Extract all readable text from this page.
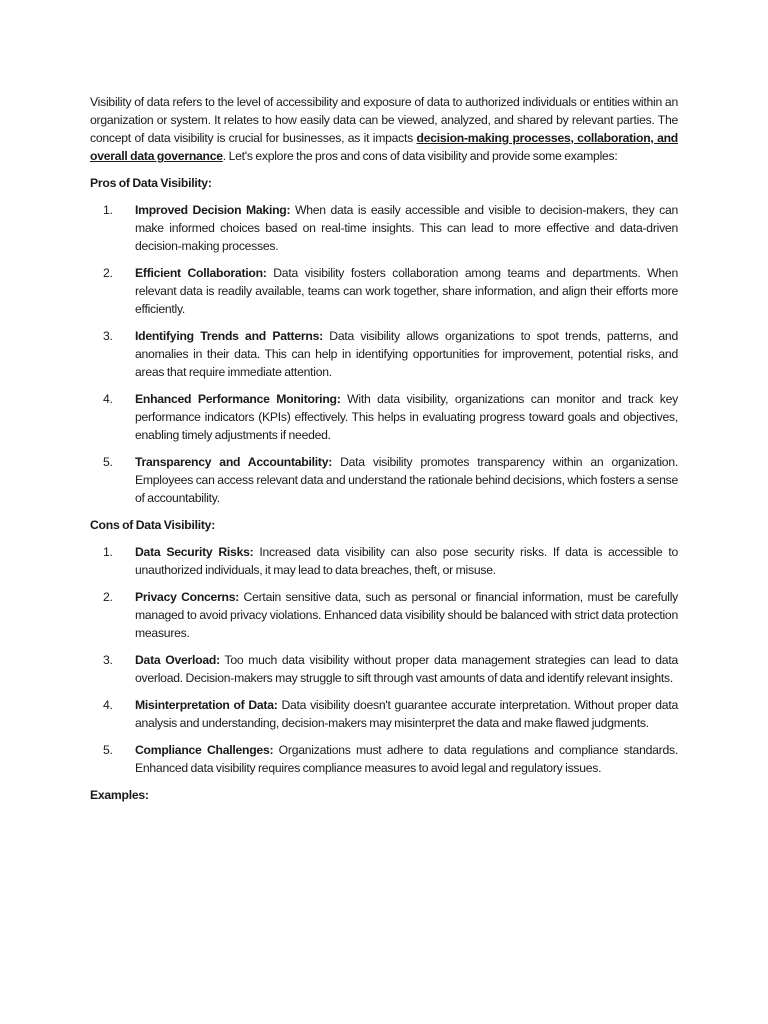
Visibility of data refers to the level of accessibility and exposure of data to authorized individuals or entities within an organization or system. It relates to how easily data can be viewed, analyzed, and shared by relevant parties. The concept of data visibility is crucial for businesses, as it impacts decision-making processes, collaboration, and overall data governance. Let's explore the pros and cons of data visibility and provide some examples:

Pros of Data Visibility:
1. Improved Decision Making: When data is easily accessible and visible to decision-makers, they can make informed choices based on real-time insights. This can lead to more effective and data-driven decision-making processes.
2. Efficient Collaboration: Data visibility fosters collaboration among teams and departments. When relevant data is readily available, teams can work together, share information, and align their efforts more efficiently.
3. Identifying Trends and Patterns: Data visibility allows organizations to spot trends, patterns, and anomalies in their data. This can help in identifying opportunities for improvement, potential risks, and areas that require immediate attention.
4. Enhanced Performance Monitoring: With data visibility, organizations can monitor and track key performance indicators (KPIs) effectively. This helps in evaluating progress toward goals and objectives, enabling timely adjustments if needed.
5. Transparency and Accountability: Data visibility promotes transparency within an organization. Employees can access relevant data and understand the rationale behind decisions, which fosters a sense of accountability.
Cons of Data Visibility:
1. Data Security Risks: Increased data visibility can also pose security risks. If data is accessible to unauthorized individuals, it may lead to data breaches, theft, or misuse.
2. Privacy Concerns: Certain sensitive data, such as personal or financial information, must be carefully managed to avoid privacy violations. Enhanced data visibility should be balanced with strict data protection measures.
3. Data Overload: Too much data visibility without proper data management strategies can lead to data overload. Decision-makers may struggle to sift through vast amounts of data and identify relevant insights.
4. Misinterpretation of Data: Data visibility doesn't guarantee accurate interpretation. Without proper data analysis and understanding, decision-makers may misinterpret the data and make flawed judgments.
5. Compliance Challenges: Organizations must adhere to data regulations and compliance standards. Enhanced data visibility requires compliance measures to avoid legal and regulatory issues.
Examples:
